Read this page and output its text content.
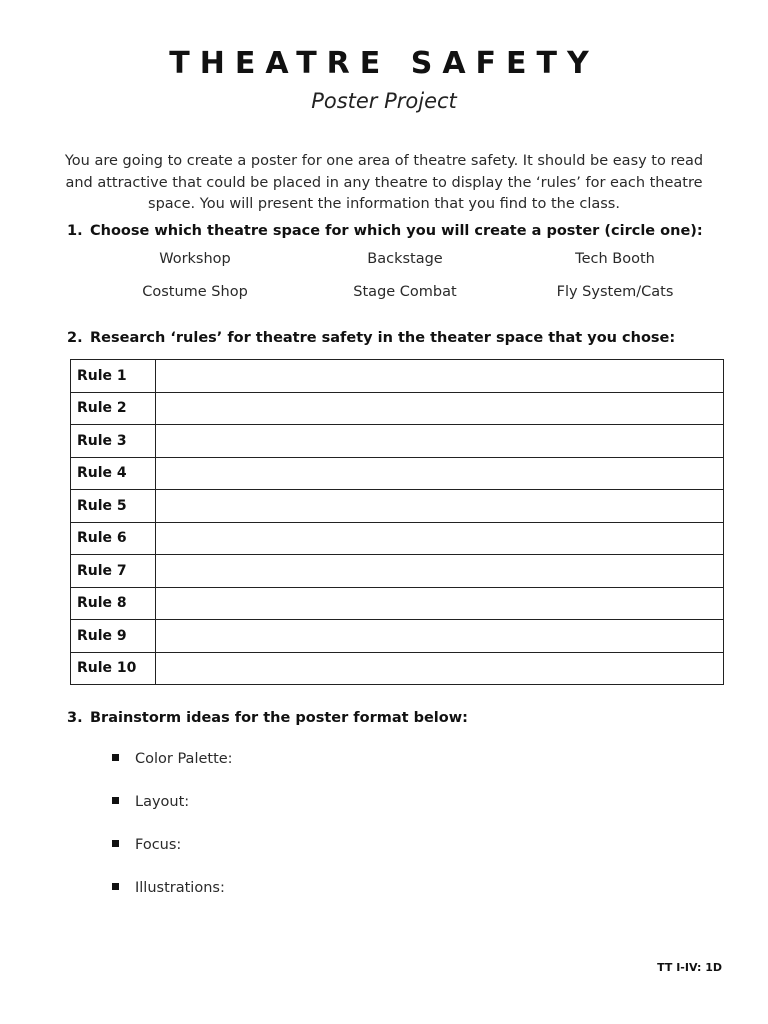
THEATRE SAFETY
Poster Project
You are going to create a poster for one area of theatre safety. It should be easy to read
and attractive that could be placed in any theatre to display the ‘rules’ for each theatre
space. You will present the information that you find to the class.
1. Choose which theatre space for which you will create a poster (circle one):
Workshop	Backstage	Tech Booth
Costume Shop	Stage Combat	Fly System/Cats
2. Research ‘rules’ for theatre safety in the theater space that you chose:
Rule 1	
Rule 2	
Rule 3	
Rule 4	
Rule 5	
Rule 6	
Rule 7	
Rule 8	
Rule 9	
Rule 10	
3. Brainstorm ideas for the poster format below:
Color Palette:
Layout:
Focus:
Illustrations:
TT I-IV: 1D
